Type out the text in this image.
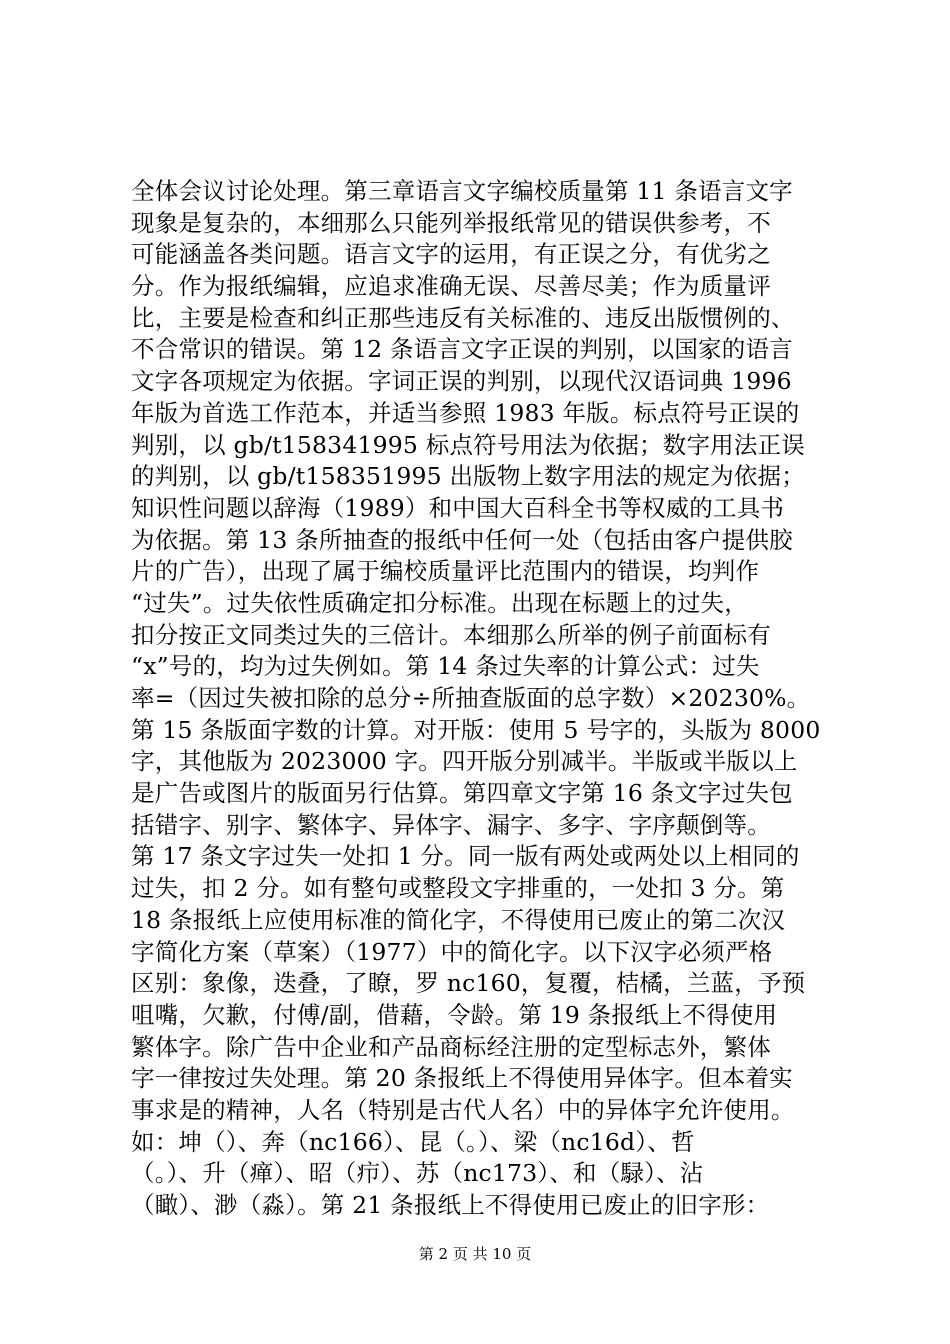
全体会议讨论处理。第三章语言文字编校质量第 11 条语言文字
现象是复杂的，本细那么只能列举报纸常见的错误供参考，不
可能涵盖各类问题。语言文字的运用，有正误之分，有优劣之
分。作为报纸编辑，应追求准确无误、尽善尽美；作为质量评
比，主要是检查和纠正那些违反有关标准的、违反出版惯例的、
不合常识的错误。第 12 条语言文字正误的判别，以国家的语言
文字各项规定为依据。字词正误的判别，以现代汉语词典 1996
年版为首选工作范本，并适当参照 1983 年版。标点符号正误的
判别，以 gb/t158341995 标点符号用法为依据；数字用法正误
的判别，以 gb/t158351995 出版物上数字用法的规定为依据；
知识性问题以辞海（1989）和中国大百科全书等权威的工具书
为依据。第 13 条所抽查的报纸中任何一处（包括由客户提供胶
片的广告），出现了属于编校质量评比范围内的错误，均判作
“过失”。过失依性质确定扣分标准。出现在标题上的过失，
扣分按正文同类过失的三倍计。本细那么所举的例子前面标有
“x”号的，均为过失例如。第 14 条过失率的计算公式：过失
率=（因过失被扣除的总分÷所抽查版面的总字数）×20230%。
第 15 条版面字数的计算。对开版：使用 5 号字的，头版为 8000
字，其他版为 2023000 字。四开版分别减半。半版或半版以上
是广告或图片的版面另行估算。第四章文字第 16 条文字过失包
括错字、别字、繁体字、异体字、漏字、多字、字序颠倒等。
第 17 条文字过失一处扣 1 分。同一版有两处或两处以上相同的
过失，扣 2 分。如有整句或整段文字排重的，一处扣 3 分。第
18 条报纸上应使用标准的简化字，不得使用已废止的第二次汉
字简化方案（草案）（1977）中的简化字。以下汉字必须严格
区别：象像，迭叠，了瞭，罗 nc160，复覆，桔橘，兰蓝，予预
咀嘴，欠歉，付傅/副，借藉，令龄。第 19 条报纸上不得使用
繁体字。除广告中企业和产品商标经注册的定型标志外，繁体
字一律按过失处理。第 20 条报纸上不得使用异体字。但本着实
事求是的精神，人名（特别是古代人名）中的异体字允许使用。
如：坤（）、奔（nc166）、昆（。）、梁（nc16d）、哲
（。）、升（瘅）、昭（疖）、苏（nc173）、和（騄）、沾
（瞰）、渺（淼）。第 21 条报纸上不得使用已废止的旧字形：
第 2 页 共 10 页
